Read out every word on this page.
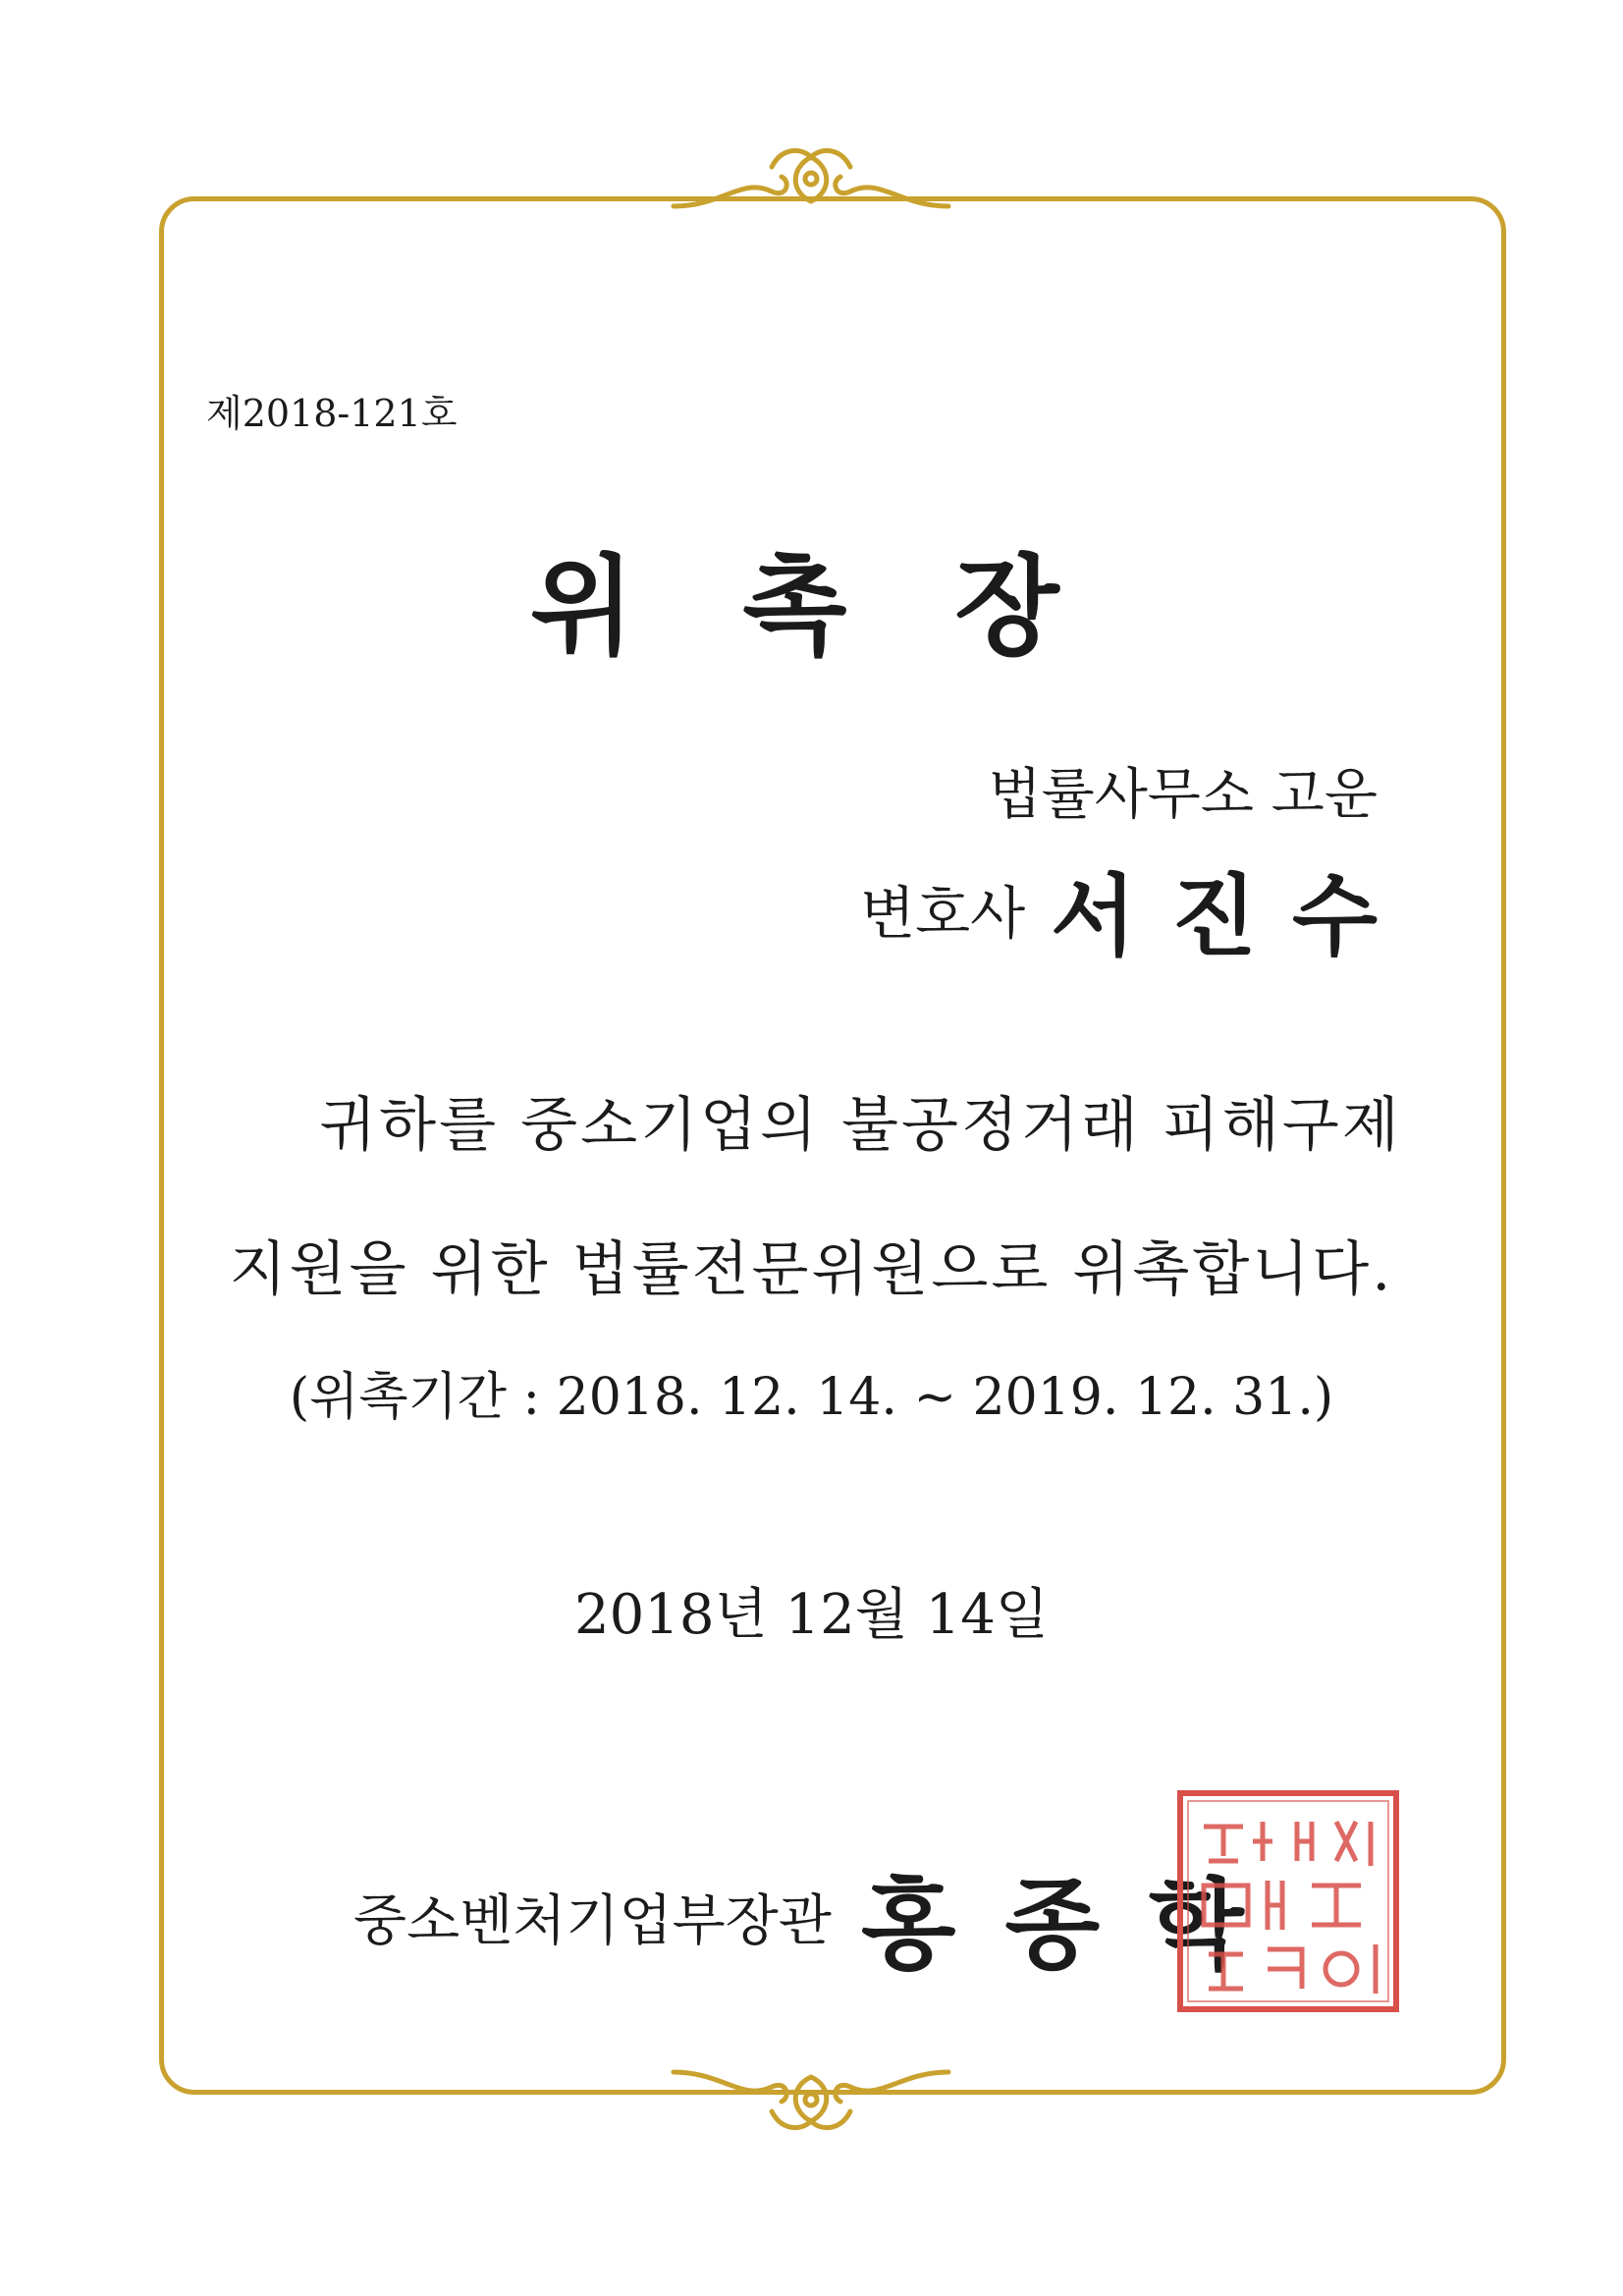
제2018-121호
위촉장
법률사무소 고운
변호사 서진수
귀하를 중소기업의 불공정거래 피해구제
지원을 위한 법률전문위원으로 위촉합니다.
(위촉기간 : 2018. 12. 14. ~ 2019. 12. 31.)
2018년 12월 14일
중소벤처기업부장관 홍종학
